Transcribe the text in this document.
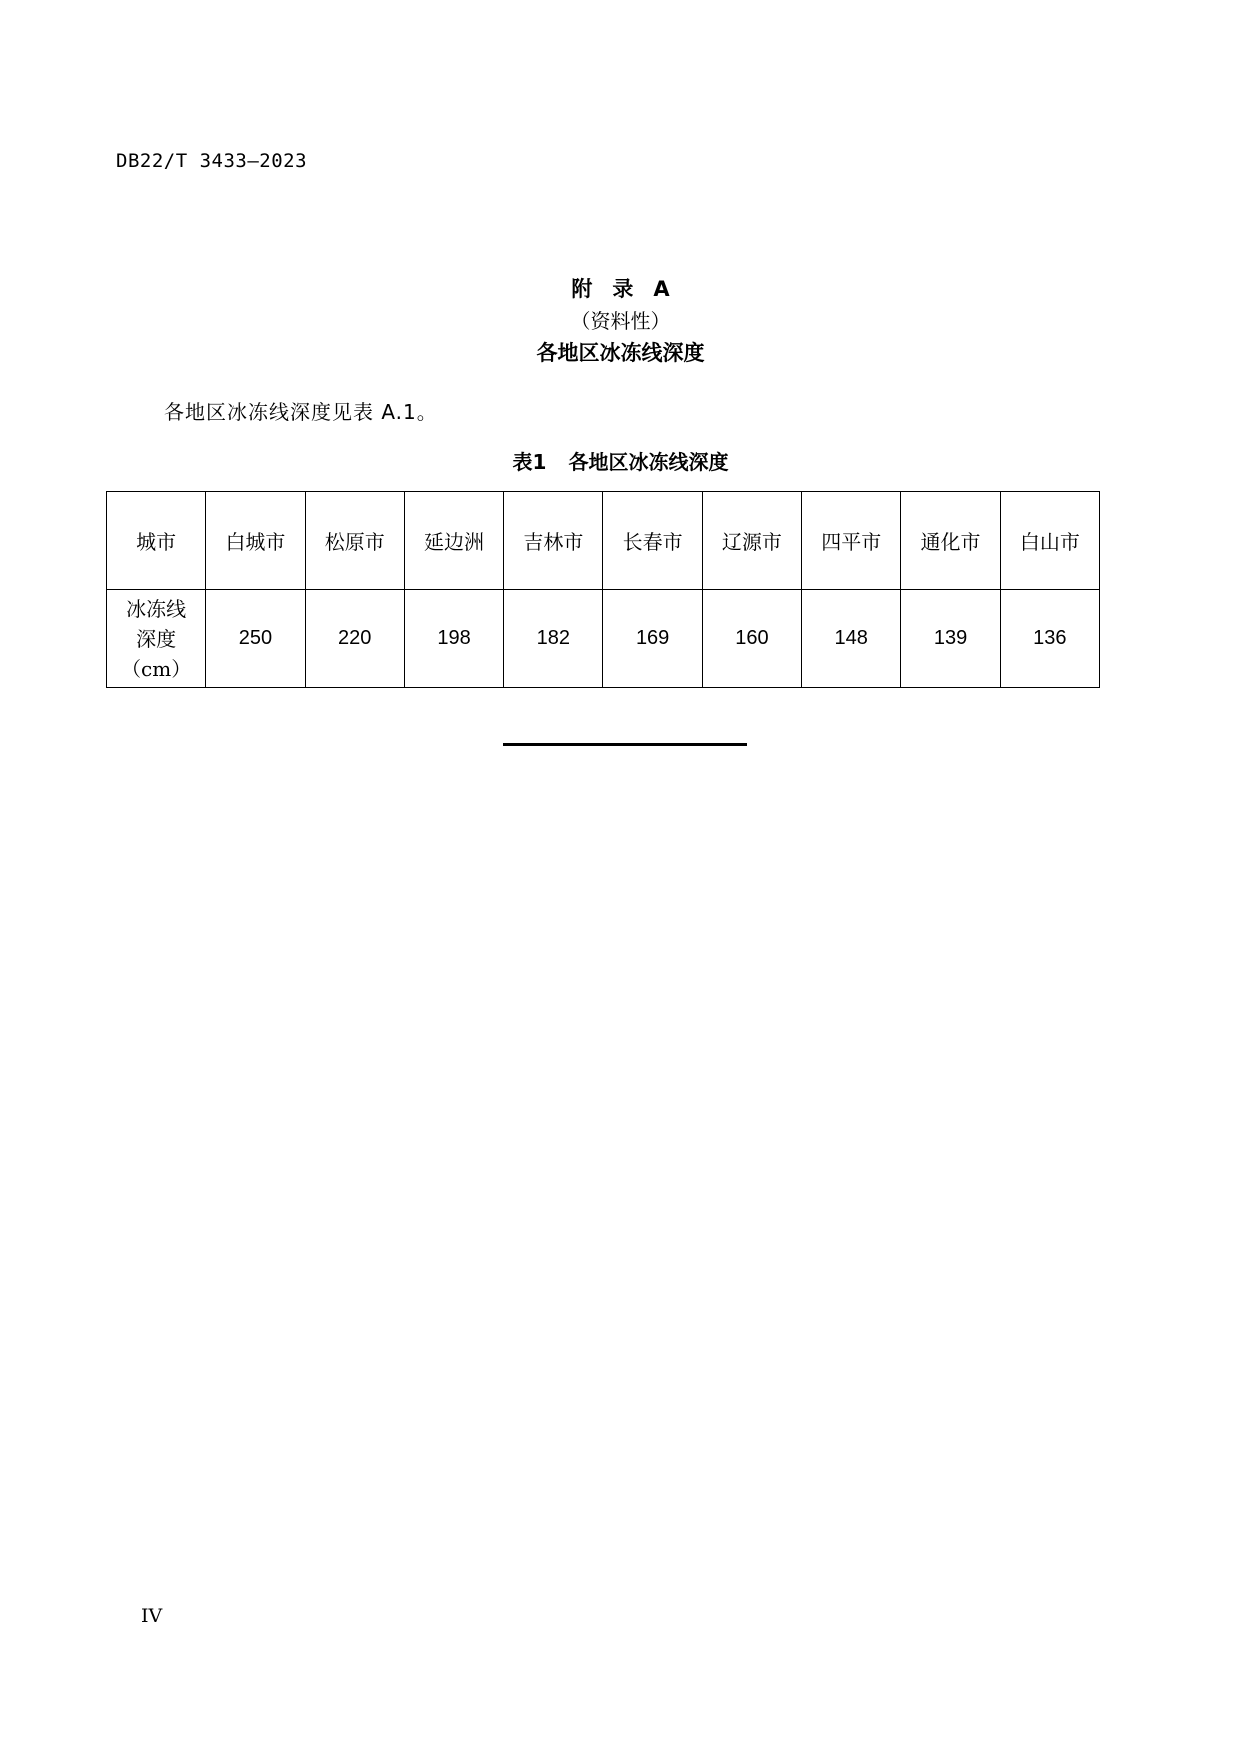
DB22/T 3433—2023
附 录 A
（资料性）
各地区冰冻线深度
各地区冰冻线深度见表 A.1。
表1 各地区冰冻线深度
城市	白城市	松原市	延边洲	吉林市	长春市	辽源市	四平市	通化市	白山市

冰冻线
深度
（cm）	250	220	198	182	169	160	148	139	136
IV
